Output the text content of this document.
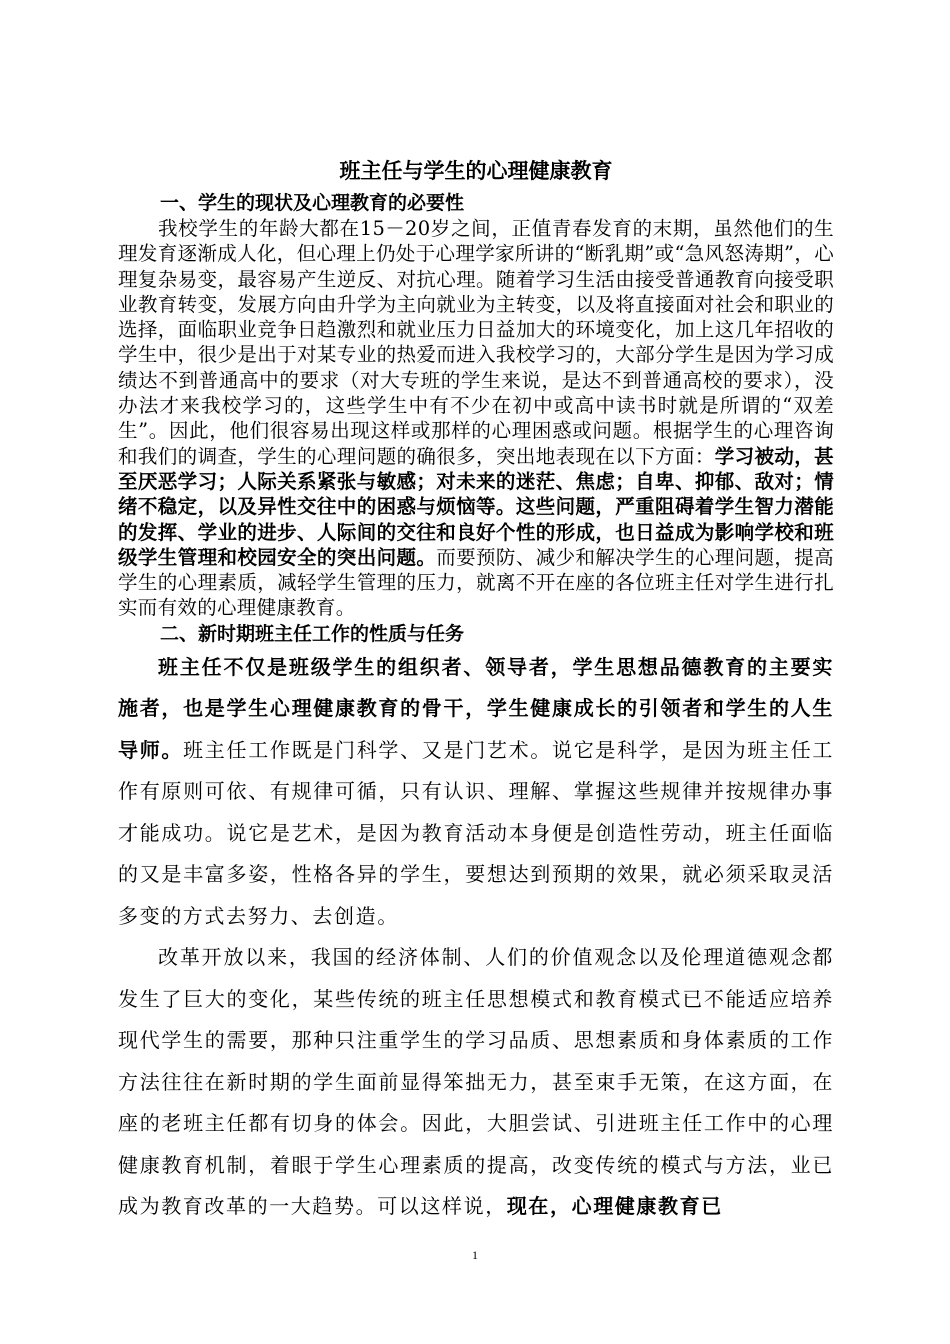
班主任与学生的心理健康教育
一、学生的现状及心理教育的必要性

我校学生的年龄大都在15－20岁之间，正值青春发育的末期，虽然他们的生理发育逐渐成人化，但心理上仍处于心理学家所讲的“断乳期”或“急风怒涛期”，心理复杂易变，最容易产生逆反、对抗心理。随着学习生活由接受普通教育向接受职业教育转变，发展方向由升学为主向就业为主转变，以及将直接面对社会和职业的选择，面临职业竞争日趋激烈和就业压力日益加大的环境变化，加上这几年招收的学生中，很少是出于对某专业的热爱而进入我校学习的，大部分学生是因为学习成绩达不到普通高中的要求（对大专班的学生来说，是达不到普通高校的要求），没办法才来我校学习的，这些学生中有不少在初中或高中读书时就是所谓的“双差生”。因此，他们很容易出现这样或那样的心理困惑或问题。根据学生的心理咨询和我们的调查，学生的心理问题的确很多，突出地表现在以下方面：学习被动，甚至厌恶学习；人际关系紧张与敏感；对未来的迷茫、焦虑；自卑、抑郁、敌对；情绪不稳定，以及异性交往中的困惑与烦恼等。这些问题，严重阻碍着学生智力潜能的发挥、学业的进步、人际间的交往和良好个性的形成，也日益成为影响学校和班级学生管理和校园安全的突出问题。而要预防、减少和解决学生的心理问题，提高学生的心理素质，减轻学生管理的压力，就离不开在座的各位班主任对学生进行扎实而有效的心理健康教育。

二、新时期班主任工作的性质与任务

班主任不仅是班级学生的组织者、领导者，学生思想品德教育的主要实施者，也是学生心理健康教育的骨干，学生健康成长的引领者和学生的人生导师。班主任工作既是门科学、又是门艺术。说它是科学，是因为班主任工作有原则可依、有规律可循，只有认识、理解、掌握这些规律并按规律办事才能成功。说它是艺术，是因为教育活动本身便是创造性劳动，班主任面临的又是丰富多姿，性格各异的学生，要想达到预期的效果，就必须采取灵活多变的方式去努力、去创造。

改革开放以来，我国的经济体制、人们的价值观念以及伦理道德观念都发生了巨大的变化，某些传统的班主任思想模式和教育模式已不能适应培养现代学生的需要，那种只注重学生的学习品质、思想素质和身体素质的工作方法往往在新时期的学生面前显得笨拙无力，甚至束手无策，在这方面，在座的老班主任都有切身的体会。因此，大胆尝试、引进班主任工作中的心理健康教育机制，着眼于学生心理素质的提高，改变传统的模式与方法，业已成为教育改革的一大趋势。可以这样说，现在，心理健康教育已

1
